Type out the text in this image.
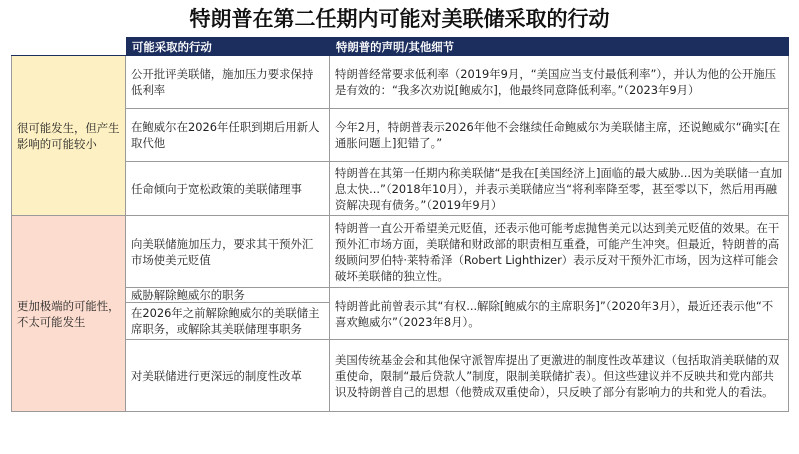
特朗普在第二任期内可能对美联储采取的行动
	可能采取的行动	特朗普的声明/其他细节
很可能发生，但产生影响的可能较小	公开批评美联储，施加压力要求保持低利率	特朗普经常要求低利率（2019年9月，“美国应当支付最低利率”），并认为他的公开施压是有效的：“我多次劝说[鲍威尔]，他最终同意降低利率。”（2023年9月）
	在鲍威尔在2026年任职到期后用新人取代他	今年2月，特朗普表示2026年他不会继续任命鲍威尔为美联储主席，还说鲍威尔“确实[在通胀问题上]犯错了。”
	任命倾向于宽松政策的美联储理事	特朗普在其第一任期内称美联储“是我在[美国经济上]面临的最大威胁...因为美联储一直加息太快...”（2018年10月），并表示美联储应当“将利率降至零，甚至零以下，然后用再融资解决现有债务。”（2019年9月）
更加极端的可能性，不太可能发生	向美联储施加压力，要求其干预外汇市场使美元贬值	特朗普一直公开希望美元贬值，还表示他可能考虑抛售美元以达到美元贬值的效果。在干预外汇市场方面，美联储和财政部的职责相互重叠，可能产生冲突。但最近，特朗普的高级顾问罗伯特·莱特希泽（Robert Lighthizer）表示反对干预外汇市场，因为这样可能会破坏美联储的独立性。
	威胁解除鲍威尔的职务	特朗普此前曾表示其“有权...解除[鲍威尔的主席职务]”（2020年3月），最近还表示他“不喜欢鲍威尔”（2023年8月）。
	在2026年之前解除鲍威尔的美联储主席职务，或解除其美联储理事职务	
	对美联储进行更深远的制度性改革	美国传统基金会和其他保守派智库提出了更激进的制度性改革建议（包括取消美联储的双重使命，限制“最后贷款人”制度，限制美联储扩表）。但这些建议并不反映共和党内部共识及特朗普自己的思想（他赞成双重使命），只反映了部分有影响力的共和党人的看法。
